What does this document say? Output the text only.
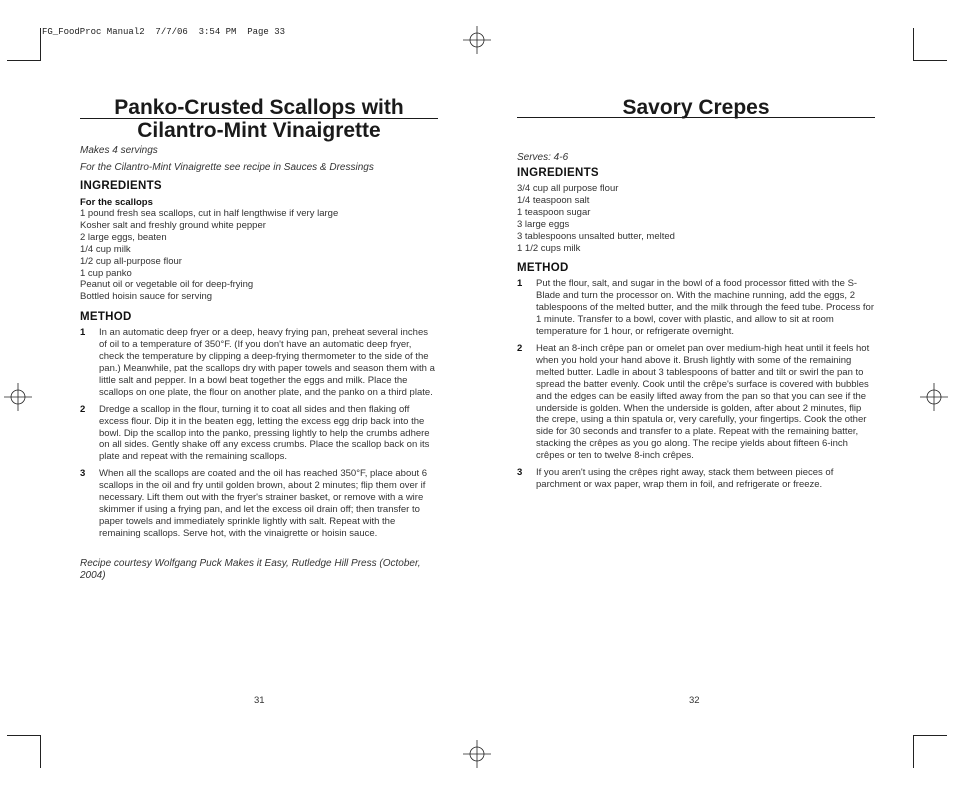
FG_FoodProc Manual2  7/7/06  3:54 PM  Page 33
Panko-Crusted Scallops with
Cilantro-Mint Vinaigrette
Makes 4 servings
For the Cilantro-Mint Vinaigrette see recipe in Sauces & Dressings
INGREDIENTS
For the scallops
1 pound fresh sea scallops, cut in half lengthwise if very large
Kosher salt and freshly ground white pepper
2 large eggs, beaten
1/4 cup milk
1/2 cup all-purpose flour
1 cup panko
Peanut oil or vegetable oil for deep-frying
Bottled hoisin sauce for serving
METHOD
1	In an automatic deep fryer or a deep, heavy frying pan, preheat several inches of oil to a temperature of 350°F. (If you don't have an automatic deep fryer, check the temperature by clipping a deep-frying thermometer to the side of the pan.) Meanwhile, pat the scallops dry with paper towels and season them with a little salt and pepper. In a bowl beat together the eggs and milk. Place the scallops on one plate, the flour on another plate, and the panko on a third plate.
2	Dredge a scallop in the flour, turning it to coat all sides and then flaking off excess flour. Dip it in the beaten egg, letting the excess egg drip back into the bowl. Dip the scallop into the panko, pressing lightly to help the crumbs adhere on all sides. Gently shake off any excess crumbs. Place the scallop back on its plate and repeat with the remaining scallops.
3	When all the scallops are coated and the oil has reached 350°F, place about 6 scallops in the oil and fry until golden brown, about 2 minutes; flip them over if necessary. Lift them out with the fryer's strainer basket, or remove with a wire skimmer if using a frying pan, and let the excess oil drain off; then transfer to paper towels and immediately sprinkle lightly with salt. Repeat with the remaining scallops. Serve hot, with the vinaigrette or hoisin sauce.
Recipe courtesy Wolfgang Puck Makes it Easy, Rutledge Hill Press (October, 2004)
31
Savory Crepes
Serves: 4-6
INGREDIENTS
3/4 cup all purpose flour
1/4 teaspoon salt
1 teaspoon sugar
3 large eggs
3 tablespoons unsalted butter, melted
1 1/2 cups milk
METHOD
1	Put the flour, salt, and sugar in the bowl of a food processor fitted with the S-Blade and turn the processor on. With the machine running, add the eggs, 2 tablespoons of the melted butter, and the milk through the feed tube. Process for 1 minute. Transfer to a bowl, cover with plastic, and allow to sit at room temperature for 1 hour, or refrigerate overnight.
2	Heat an 8-inch crêpe pan or omelet pan over medium-high heat until it feels hot when you hold your hand above it. Brush lightly with some of the remaining melted butter. Ladle in about 3 tablespoons of batter and tilt or swirl the pan to spread the batter evenly. Cook until the crêpe's surface is covered with bubbles and the edges can be easily lifted away from the pan so that you can see if the underside is golden. When the underside is golden, after about 2 minutes, flip the crepe, using a thin spatula or, very carefully, your fingertips. Cook the other side for 30 seconds and transfer to a plate. Repeat with the remaining batter, stacking the crêpes as you go along. The recipe yields about fifteen 6-inch crêpes or ten to twelve 8-inch crêpes.
3	If you aren't using the crêpes right away, stack them between pieces of parchment or wax paper, wrap them in foil, and refrigerate or freeze.
32
